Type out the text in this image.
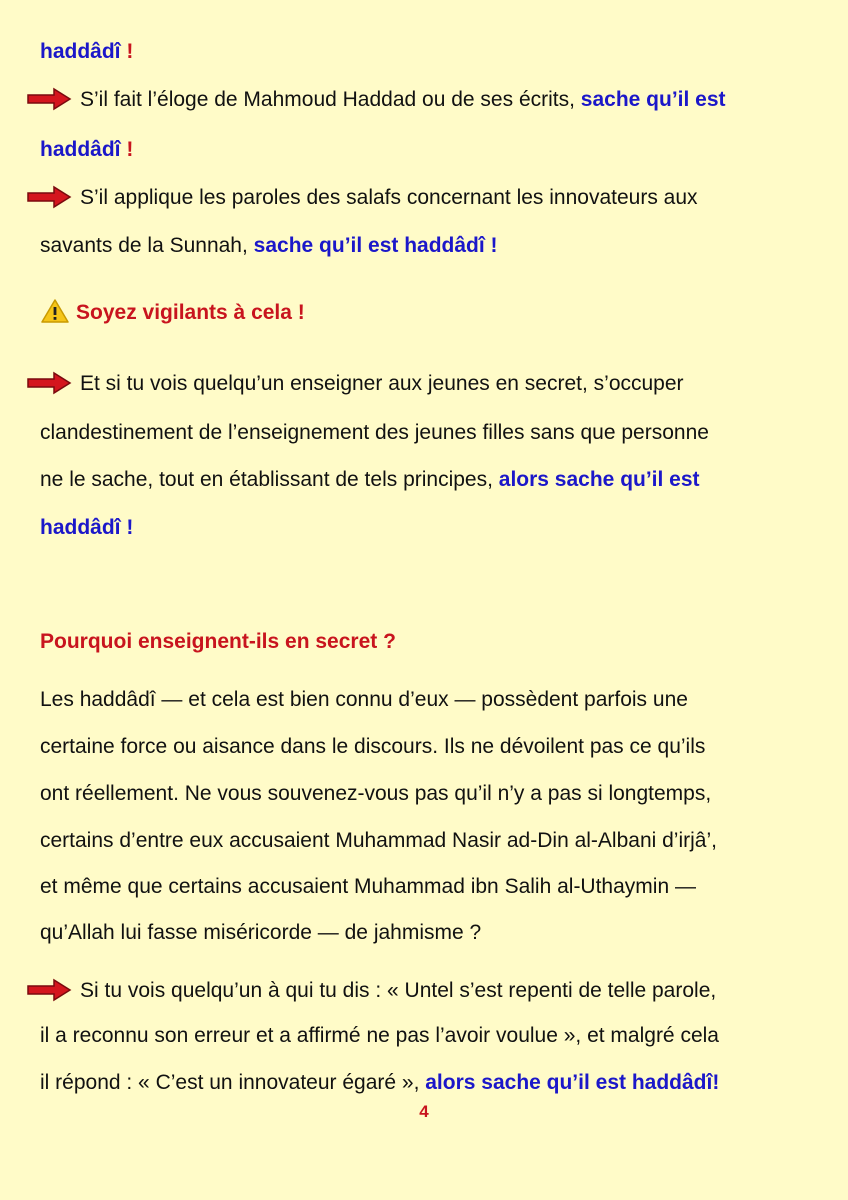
haddâdî !
S’il fait l’éloge de Mahmoud Haddad ou de ses écrits, sache qu’il est
haddâdî !
S’il applique les paroles des salafs concernant les innovateurs aux
savants de la Sunnah, sache qu’il est haddâdî !
Soyez vigilants à cela !
Et si tu vois quelqu’un enseigner aux jeunes en secret, s’occuper
clandestinement de l’enseignement des jeunes filles sans que personne
ne le sache, tout en établissant de tels principes, alors sache qu’il est
haddâdî !
Pourquoi enseignent-ils en secret ?
Les haddâdî — et cela est bien connu d’eux — possèdent parfois une
certaine force ou aisance dans le discours. Ils ne dévoilent pas ce qu’ils
ont réellement. Ne vous souvenez-vous pas qu’il n’y a pas si longtemps,
certains d’entre eux accusaient Muhammad Nasir ad-Din al-Albani d’irjâ’,
et même que certains accusaient Muhammad ibn Salih al-Uthaymin —
qu’Allah lui fasse miséricorde — de jahmisme ?
Si tu vois quelqu’un à qui tu dis : « Untel s’est repenti de telle parole,
il a reconnu son erreur et a affirmé ne pas l’avoir voulue », et malgré cela
il répond : « C’est un innovateur égaré », alors sache qu’il est haddâdî!
4
